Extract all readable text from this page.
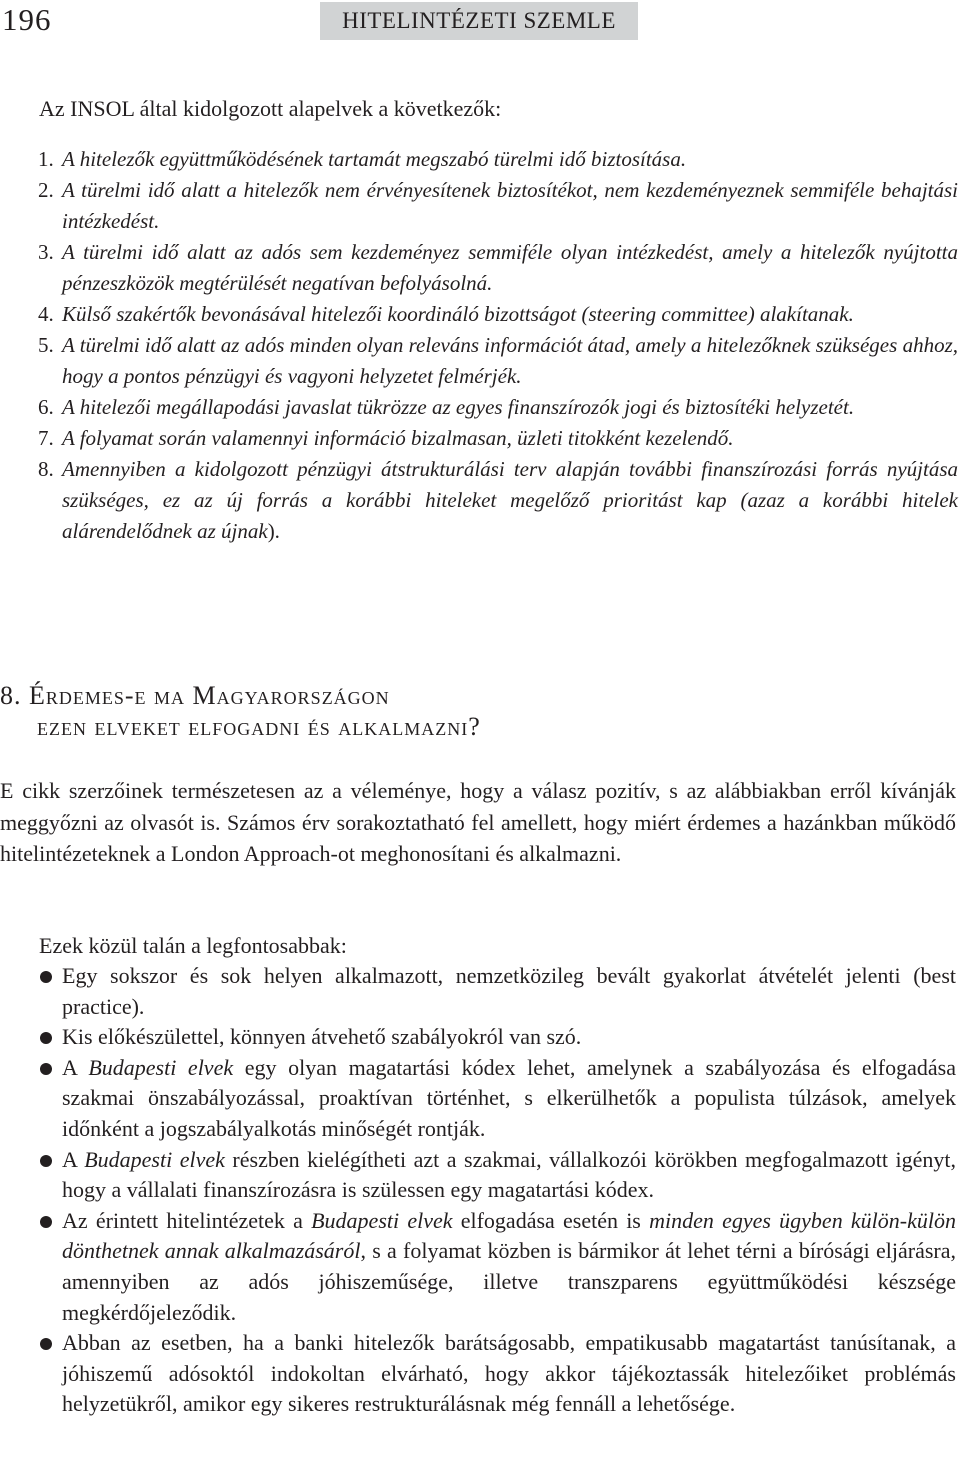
196	HITELINTÉZETI SZEMLE

Az INSOL által kidolgozott alapelvek a következők:

1. A hitelezők együttműködésének tartamát megszabó türelmi idő biztosítása.
2. A türelmi idő alatt a hitelezők nem érvényesítenek biztosítékot, nem kezdeményeznek semmiféle behajtási intézkedést.
3. A türelmi idő alatt az adós sem kezdeményez semmiféle olyan intézkedést, amely a hitelezők nyújtotta pénzeszközök megtérülését negatívan befolyásolná.
4. Külső szakértők bevonásával hitelezői koordináló bizottságot (steering committee) alakítanak.
5. A türelmi idő alatt az adós minden olyan releváns információt átad, amely a hitelezőknek szükséges ahhoz, hogy a pontos pénzügyi és vagyoni helyzetet felmérjék.
6. A hitelezői megállapodási javaslat tükrözze az egyes finanszírozók jogi és biztosítéki helyzetét.
7. A folyamat során valamennyi információ bizalmasan, üzleti titokként kezelendő.
8. Amennyiben a kidolgozott pénzügyi átstrukturálási terv alapján további finanszírozási forrás nyújtása szükséges, ez az új forrás a korábbi hiteleket megelőző prioritást kap (azaz a korábbi hitelek alárendelődnek az újnak).
8. Érdemes-e ma Magyarországon
ezen elveket elfogadni és alkalmazni?

E cikk szerzőinek természetesen az a véleménye, hogy a válasz pozitív, s az alábbiakban erről kívánják meggyőzni az olvasót is. Számos érv sorakoztatható fel amellett, hogy miért érdemes a hazánkban működő hitelintézeteknek a London Approach-ot meghonosítani és alkalmazni.

Ezek közül talán a legfontosabbak:

Egy sokszor és sok helyen alkalmazott, nemzetközileg bevált gyakorlat átvételét jelenti (best practice).
Kis előkészülettel, könnyen átvehető szabályokról van szó.
A Budapesti elvek egy olyan magatartási kódex lehet, amelynek a szabályozása és elfogadása szakmai önszabályozással, proaktívan történhet, s elkerülhetők a populista túlzások, amelyek időnként a jogszabályalkotás minőségét rontják.
A Budapesti elvek részben kielégítheti azt a szakmai, vállalkozói körökben megfogalmazott igényt, hogy a vállalati finanszírozásra is szülessen egy magatartási kódex.
Az érintett hitelintézetek a Budapesti elvek elfogadása esetén is minden egyes ügyben külön-külön dönthetnek annak alkalmazásáról, s a folyamat közben is bármikor át lehet térni a bírósági eljárásra, amennyiben az adós jóhiszeműsége, illetve transzparens együttműködési készsége megkérdőjeleződik.
Abban az esetben, ha a banki hitelezők barátságosabb, empatikusabb magatartást tanúsítanak, a jóhiszemű adósoktól indokoltan elvárható, hogy akkor tájékoztassák hitelezőiket problémás helyzetükről, amikor egy sikeres restrukturálásnak még fennáll a lehetősége.
